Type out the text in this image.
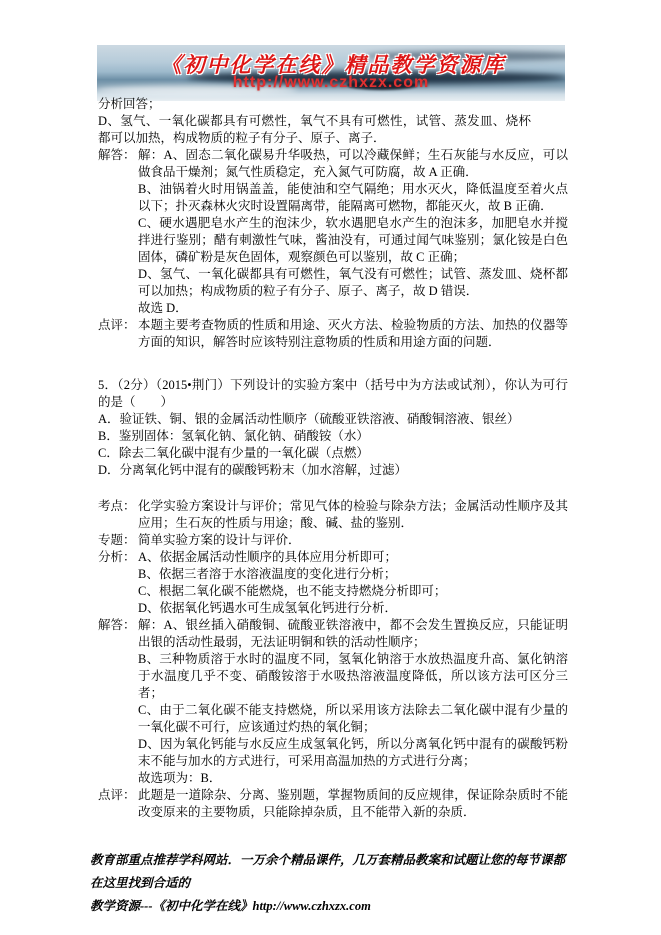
《初中化学在线》精品教学资源库
http://www.czhxzx.com

分析回答；

D、氢气、一氧化碳都具有可燃性，氧气不具有可燃性，试管、蒸发皿、烧杯都可以加热，构成物质的粒子有分子、原子、离子．

解答： 解：A、固态二氧化碳易升华吸热，可以冷藏保鲜；生石灰能与水反应，可以做食品干燥剂；氮气性质稳定，充入氮气可防腐，故 A 正确．

B、油锅着火时用锅盖盖，能使油和空气隔绝；用水灭火，降低温度至着火点以下；扑灭森林火灾时设置隔离带，能隔离可燃物，都能灭火，故 B 正确．

C、硬水遇肥皂水产生的泡沫少，软水遇肥皂水产生的泡沫多，加肥皂水并搅拌进行鉴别；醋有刺激性气味，酱油没有，可通过闻气味鉴别；氯化铵是白色固体，磷矿粉是灰色固体，观察颜色可以鉴别，故 C 正确；

D、氢气、一氧化碳都具有可燃性，氧气没有可燃性；试管、蒸发皿、烧杯都可以加热；构成物质的粒子有分子、原子、离子，故 D 错误．

故选 D．

点评： 本题主要考查物质的性质和用途、灭火方法、检验物质的方法、加热的仪器等方面的知识，解答时应该特别注意物质的性质和用途方面的问题．

5．（2分）（2015•荆门）下列设计的实验方案中（括号中为方法或试剂），你认为可行的是（　　）

A．验证铁、铜、银的金属活动性顺序（硫酸亚铁溶液、硝酸铜溶液、银丝）

B．鉴别固体：氢氧化钠、氯化钠、硝酸铵（水）

C．除去二氧化碳中混有少量的一氧化碳（点燃）

D．分离氧化钙中混有的碳酸钙粉末（加水溶解，过滤）

考点： 化学实验方案设计与评价；常见气体的检验与除杂方法；金属活动性顺序及其应用；生石灰的性质与用途；酸、碱、盐的鉴别．

专题： 简单实验方案的设计与评价．

分析： A、依据金属活动性顺序的具体应用分析即可；

B、依据三者溶于水溶液温度的变化进行分析；

C、根据二氧化碳不能燃烧，也不能支持燃烧分析即可；

D、依据氧化钙遇水可生成氢氧化钙进行分析．

解答： 解：A、银丝插入硝酸铜、硫酸亚铁溶液中，都不会发生置换反应，只能证明出银的活动性最弱，无法证明铜和铁的活动性顺序；

B、三种物质溶于水时的温度不同，氢氧化钠溶于水放热温度升高、氯化钠溶于水温度几乎不变、硝酸铵溶于水吸热溶液温度降低，所以该方法可区分三者；

C、由于二氧化碳不能支持燃烧，所以采用该方法除去二氧化碳中混有少量的一氧化碳不可行，应该通过灼热的氧化铜；

D、因为氧化钙能与水反应生成氢氧化钙，所以分离氧化钙中混有的碳酸钙粉末不能与加水的方式进行，可采用高温加热的方式进行分离；

故选项为：B．

点评： 此题是一道除杂、分离、鉴别题，掌握物质间的反应规律，保证除杂质时不能改变原来的主要物质，只能除掉杂质，且不能带入新的杂质．

教育部重点推荐学科网站．一万余个精品课件，几万套精品教案和试题让您的每节课都在这里找到合适的

教学资源---《初中化学在线》http://www.czhxzx.com
